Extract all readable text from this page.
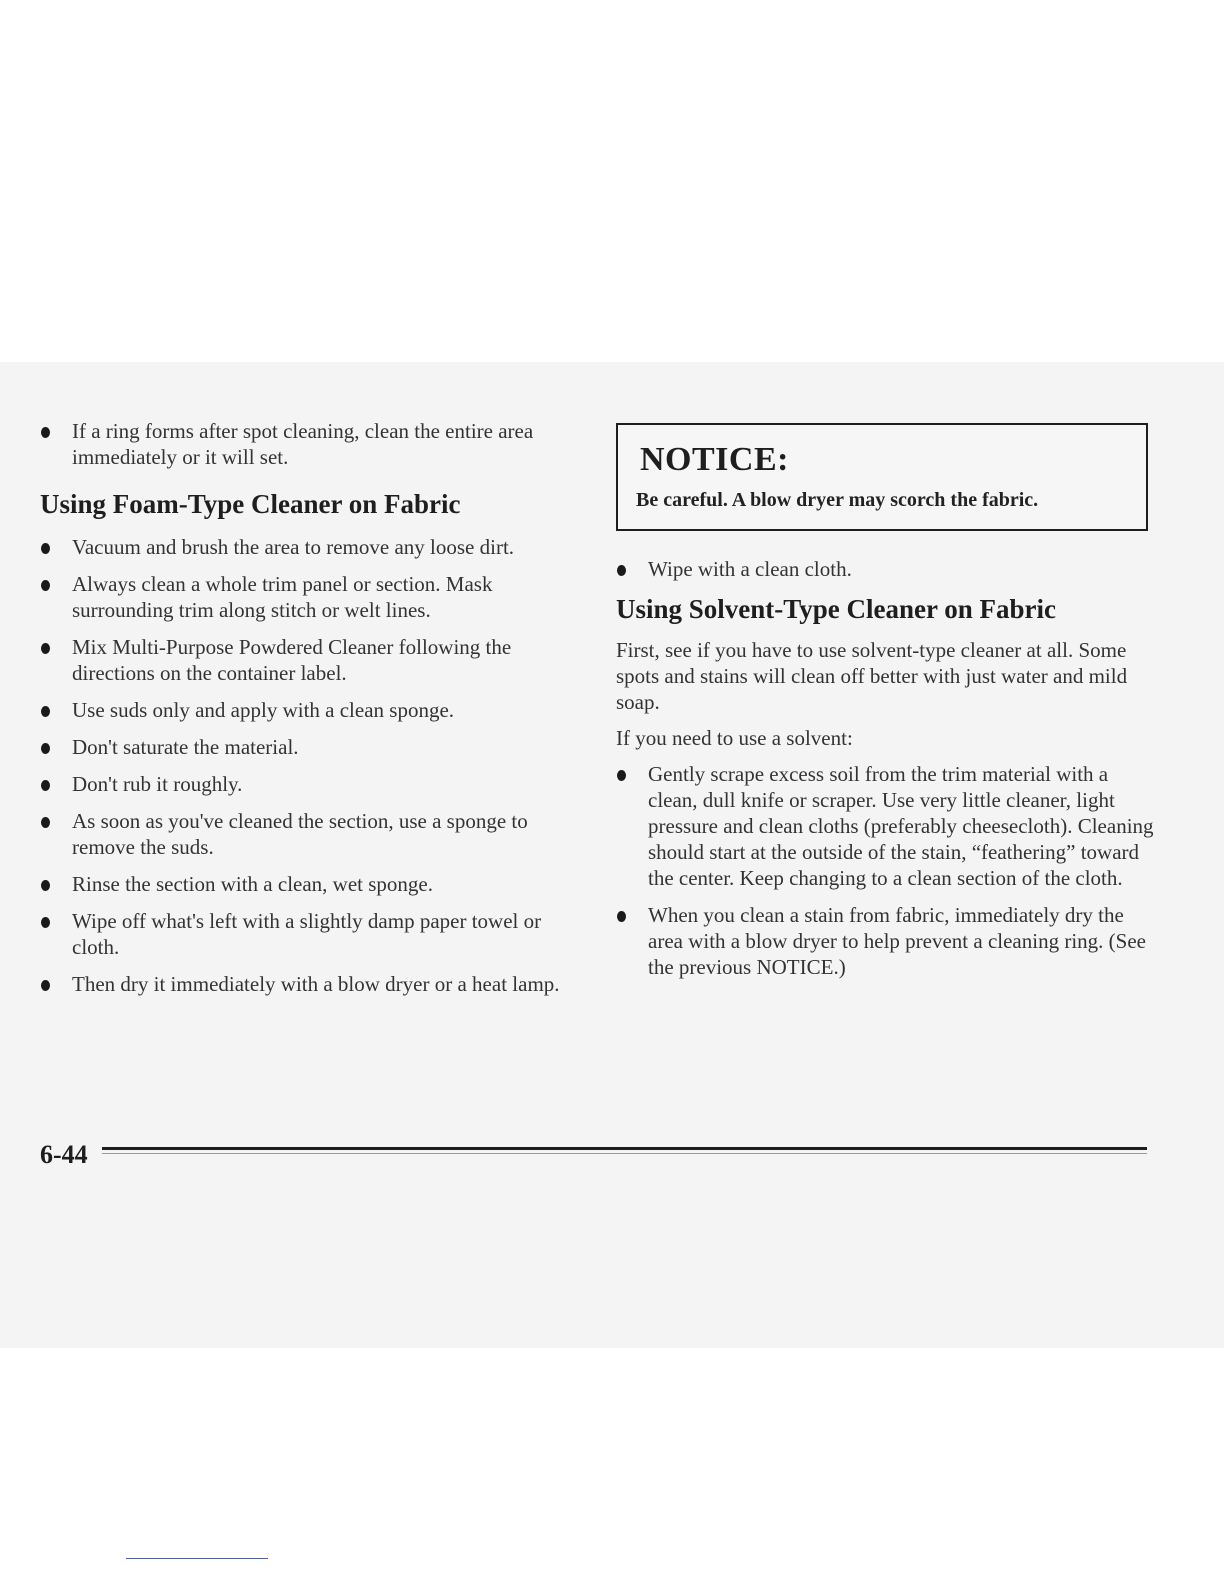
If a ring forms after spot cleaning, clean the entire area immediately or it will set.
Using Foam-Type Cleaner on Fabric
Vacuum and brush the area to remove any loose dirt.
Always clean a whole trim panel or section. Mask surrounding trim along stitch or welt lines.
Mix Multi-Purpose Powdered Cleaner following the directions on the container label.
Use suds only and apply with a clean sponge.
Don't saturate the material.
Don't rub it roughly.
As soon as you've cleaned the section, use a sponge to remove the suds.
Rinse the section with a clean, wet sponge.
Wipe off what's left with a slightly damp paper towel or cloth.
Then dry it immediately with a blow dryer or a heat lamp.
NOTICE:
Be careful. A blow dryer may scorch the fabric.
Wipe with a clean cloth.
Using Solvent-Type Cleaner on Fabric

First, see if you have to use solvent-type cleaner at all. Some spots and stains will clean off better with just water and mild soap.

If you need to use a solvent:

Gently scrape excess soil from the trim material with a clean, dull knife or scraper. Use very little cleaner, light pressure and clean cloths (preferably cheesecloth). Cleaning should start at the outside of the stain, “feathering” toward the center. Keep changing to a clean section of the cloth.
When you clean a stain from fabric, immediately dry the area with a blow dryer to help prevent a cleaning ring. (See the previous NOTICE.)
6-44
